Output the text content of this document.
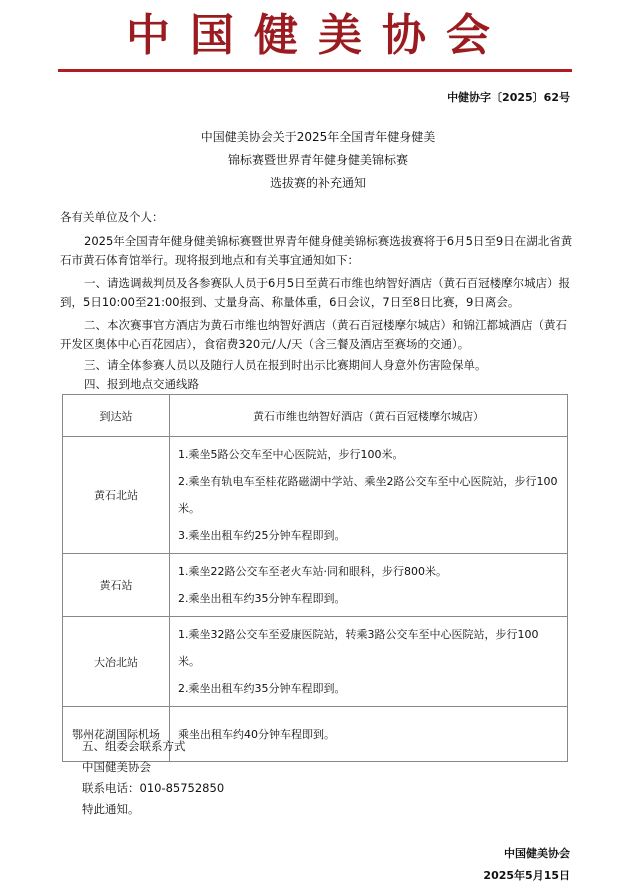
中国健美协会
中健协字〔2025〕62号
中国健美协会关于2025年全国青年健身健美
锦标赛暨世界青年健身健美锦标赛
选拔赛的补充通知
各有关单位及个人：
2025年全国青年健身健美锦标赛暨世界青年健身健美锦标赛选拔赛将于6月5日至9日在湖北省黄石市黄石体育馆举行。现将报到地点和有关事宜通知如下：
一、请选调裁判员及各参赛队人员于6月5日至黄石市维也纳智好酒店（黄石百冠楼摩尔城店）报到，5日10:00至21:00报到、丈量身高、称量体重，6日会议，7日至8日比赛，9日离会。
二、本次赛事官方酒店为黄石市维也纳智好酒店（黄石百冠楼摩尔城店）和锦江都城酒店（黄石开发区奥体中心百花园店），食宿费320元/人/天（含三餐及酒店至赛场的交通）。
三、请全体参赛人员以及随行人员在报到时出示比赛期间人身意外伤害险保单。
四、报到地点交通线路
到达站	黄石市维也纳智好酒店（黄石百冠楼摩尔城店）
黄石北站	1.乘坐5路公交车至中心医院站，步行100米。

2.乘坐有轨电车至桂花路磁湖中学站、乘坐2路公交车至中心医院站，步行100米。

3.乘坐出租车约25分钟车程即到。

黄石站	1.乘坐22路公交车至老火车站·同和眼科，步行800米。

2.乘坐出租车约35分钟车程即到。

大冶北站	1.乘坐32路公交车至爱康医院站，转乘3路公交车至中心医院站，步行100米。

2.乘坐出租车约35分钟车程即到。

鄂州花湖国际机场	乘坐出租车约40分钟车程即到。

五、组委会联系方式
中国健美协会
联系电话：010-85752850
特此通知。
中国健美协会
2025年5月15日
